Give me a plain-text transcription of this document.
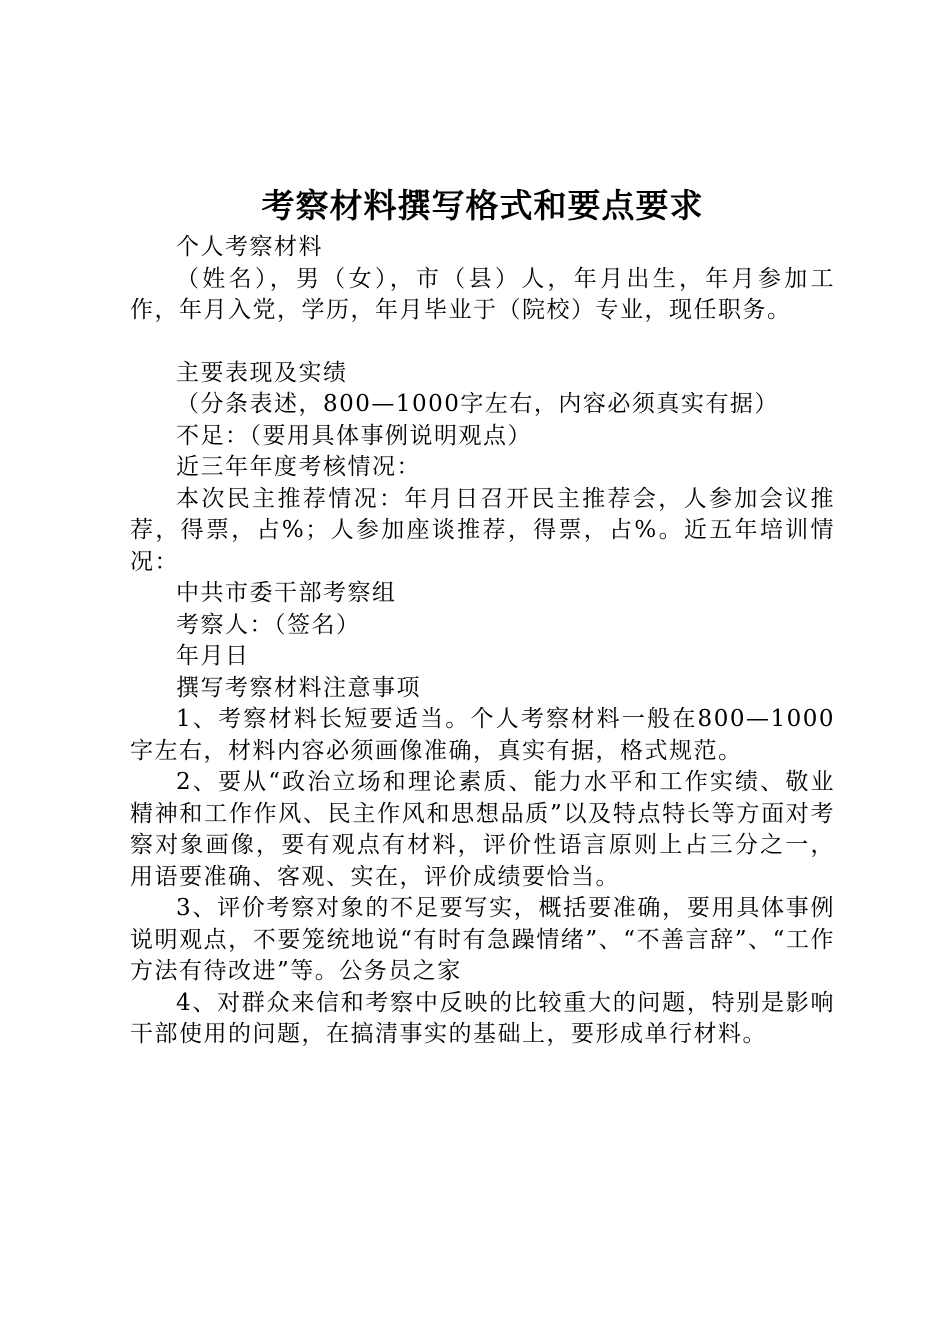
考察材料撰写格式和要点要求

个人考察材料

（姓名），男（女），市（县）人，年月出生，年月参加工作，年月入党，学历，年月毕业于（院校）专业，现任职务。

主要表现及实绩

（分条表述，800—1000字左右，内容必须真实有据）

不足：（要用具体事例说明观点）

近三年年度考核情况：

本次民主推荐情况：年月日召开民主推荐会，人参加会议推荐，得票，占%；人参加座谈推荐，得票，占%。近五年培训情况：

中共市委干部考察组

考察人：（签名）

年月日

撰写考察材料注意事项

1、考察材料长短要适当。个人考察材料一般在800—1000字左右，材料内容必须画像准确，真实有据，格式规范。

2、要从“政治立场和理论素质、能力水平和工作实绩、敬业精神和工作作风、民主作风和思想品质”以及特点特长等方面对考察对象画像，要有观点有材料，评价性语言原则上占三分之一，用语要准确、客观、实在，评价成绩要恰当。

3、评价考察对象的不足要写实，概括要准确，要用具体事例说明观点，不要笼统地说“有时有急躁情绪”、“不善言辞”、“工作方法有待改进”等。公务员之家

4、对群众来信和考察中反映的比较重大的问题，特别是影响干部使用的问题，在搞清事实的基础上，要形成单行材料。
